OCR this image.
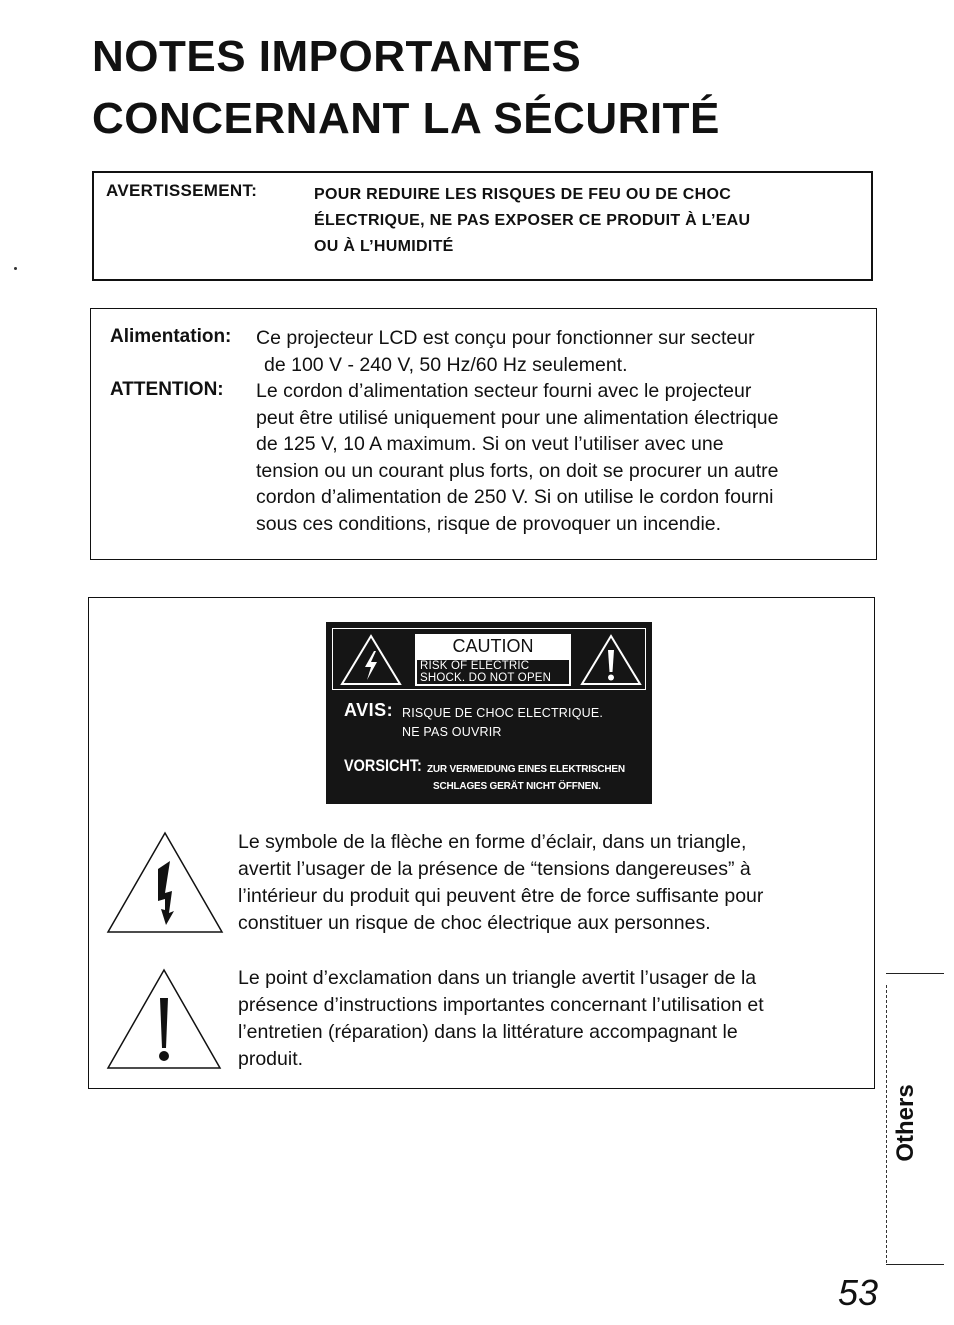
NOTES IMPORTANTES
CONCERNANT LA SÉCURITÉ
AVERTISSEMENT:	POUR REDUIRE LES RISQUES DE FEU OU DE CHOC
ÉLECTRIQUE, NE PAS EXPOSER CE PRODUIT À L’EAU
OU À L’HUMIDITÉ
Alimentation: Ce projecteur LCD est conçu pour fonctionner sur secteur
de 100 V - 240 V, 50 Hz/60 Hz seulement.
ATTENTION: Le cordon d’alimentation secteur fourni avec le projecteur
peut être utilisé uniquement pour une alimentation électrique
de 125 V, 10 A maximum. Si on veut l’utiliser avec une
tension ou un courant plus forts, on doit se procurer un autre
cordon d’alimentation de 250 V. Si on utilise le cordon fourni
sous ces conditions, risque de provoquer un incendie.
CAUTION
RISK OF ELECTRIC
SHOCK. DO NOT OPEN
AVIS: RISQUE DE CHOC ELECTRIQUE.
NE PAS OUVRIR
VORSICHT: ZUR VERMEIDUNG EINES ELEKTRISCHEN
SCHLAGES GERÄT NICHT ÖFFNEN.
Le symbole de la flèche en forme d’éclair, dans un triangle,
avertit l’usager de la présence de “tensions dangereuses” à
l’intérieur du produit qui peuvent être de force suffisante pour
constituer un risque de choc électrique aux personnes.
Le point d’exclamation dans un triangle avertit l’usager de la
présence d’instructions importantes concernant l’utilisation et
l’entretien (réparation) dans la littérature accompagnant le
produit.
Others
53
